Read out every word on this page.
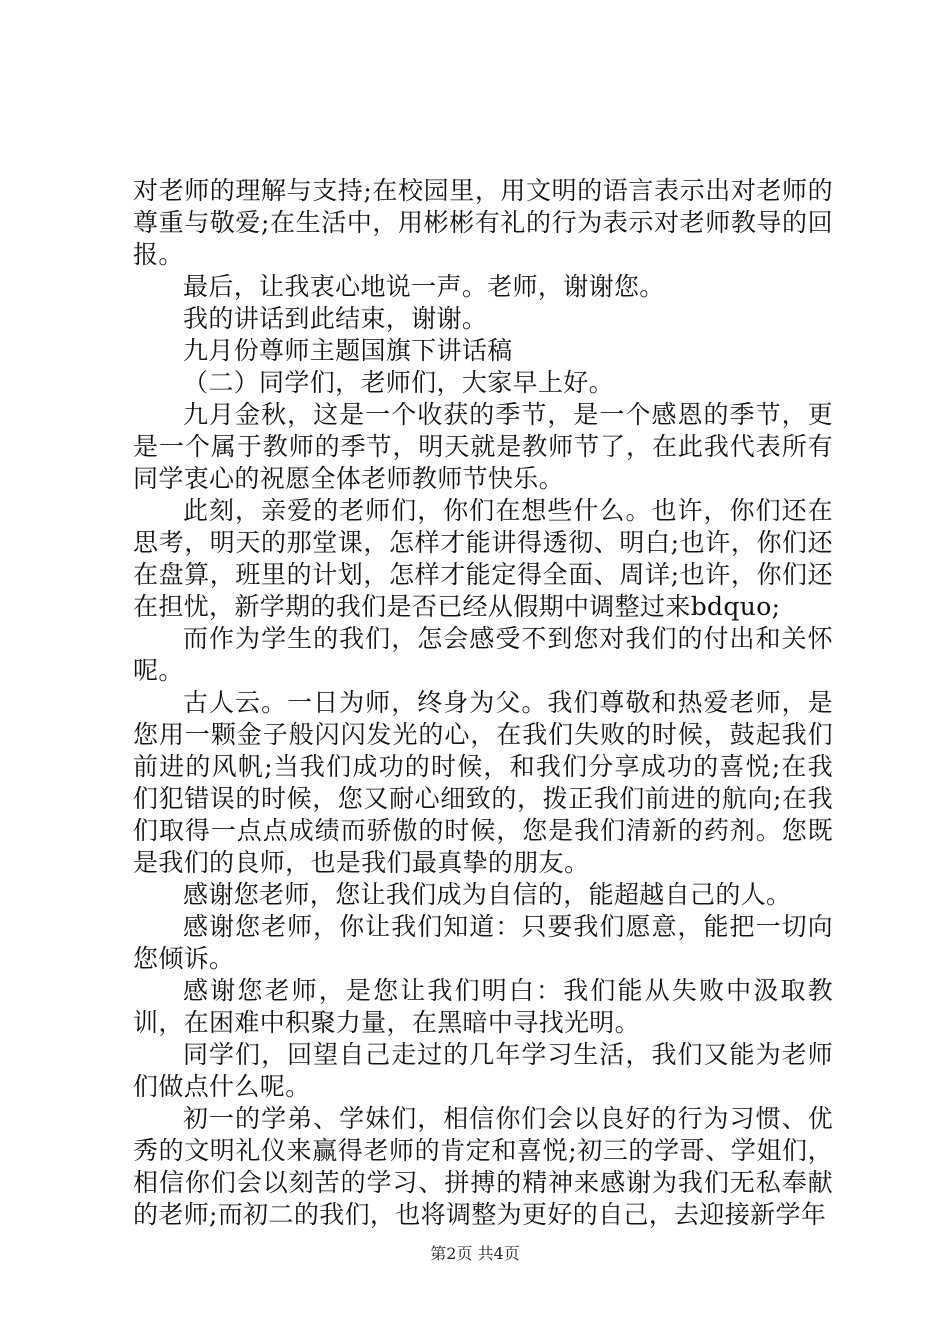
对老师的理解与支持;在校园里，用文明的语言表示出对老师的尊重与敬爱;在生活中，用彬彬有礼的行为表示对老师教导的回报。

最后，让我衷心地说一声。老师，谢谢您。

我的讲话到此结束，谢谢。

九月份尊师主题国旗下讲话稿

（二）同学们，老师们，大家早上好。

九月金秋，这是一个收获的季节，是一个感恩的季节，更是一个属于教师的季节，明天就是教师节了，在此我代表所有同学衷心的祝愿全体老师教师节快乐。

此刻，亲爱的老师们，你们在想些什么。也许，你们还在思考，明天的那堂课，怎样才能讲得透彻、明白;也许，你们还在盘算，班里的计划，怎样才能定得全面、周详;也许，你们还在担忧，新学期的我们是否已经从假期中调整过来bdquo;

而作为学生的我们，怎会感受不到您对我们的付出和关怀呢。

古人云。一日为师，终身为父。我们尊敬和热爱老师，是您用一颗金子般闪闪发光的心，在我们失败的时候，鼓起我们前进的风帆;当我们成功的时候，和我们分享成功的喜悦;在我们犯错误的时候，您又耐心细致的，拨正我们前进的航向;在我们取得一点点成绩而骄傲的时候，您是我们清新的药剂。您既是我们的良师，也是我们最真挚的朋友。

感谢您老师，您让我们成为自信的，能超越自己的人。

感谢您老师，你让我们知道：只要我们愿意，能把一切向您倾诉。

感谢您老师，是您让我们明白：我们能从失败中汲取教训，在困难中积聚力量，在黑暗中寻找光明。

同学们，回望自己走过的几年学习生活，我们又能为老师们做点什么呢。

初一的学弟、学妹们，相信你们会以良好的行为习惯、优秀的文明礼仪来赢得老师的肯定和喜悦;初三的学哥、学姐们，相信你们会以刻苦的学习、拼搏的精神来感谢为我们无私奉献的老师;而初二的我们，也将调整为更好的自己，去迎接新学年

第2页 共4页
